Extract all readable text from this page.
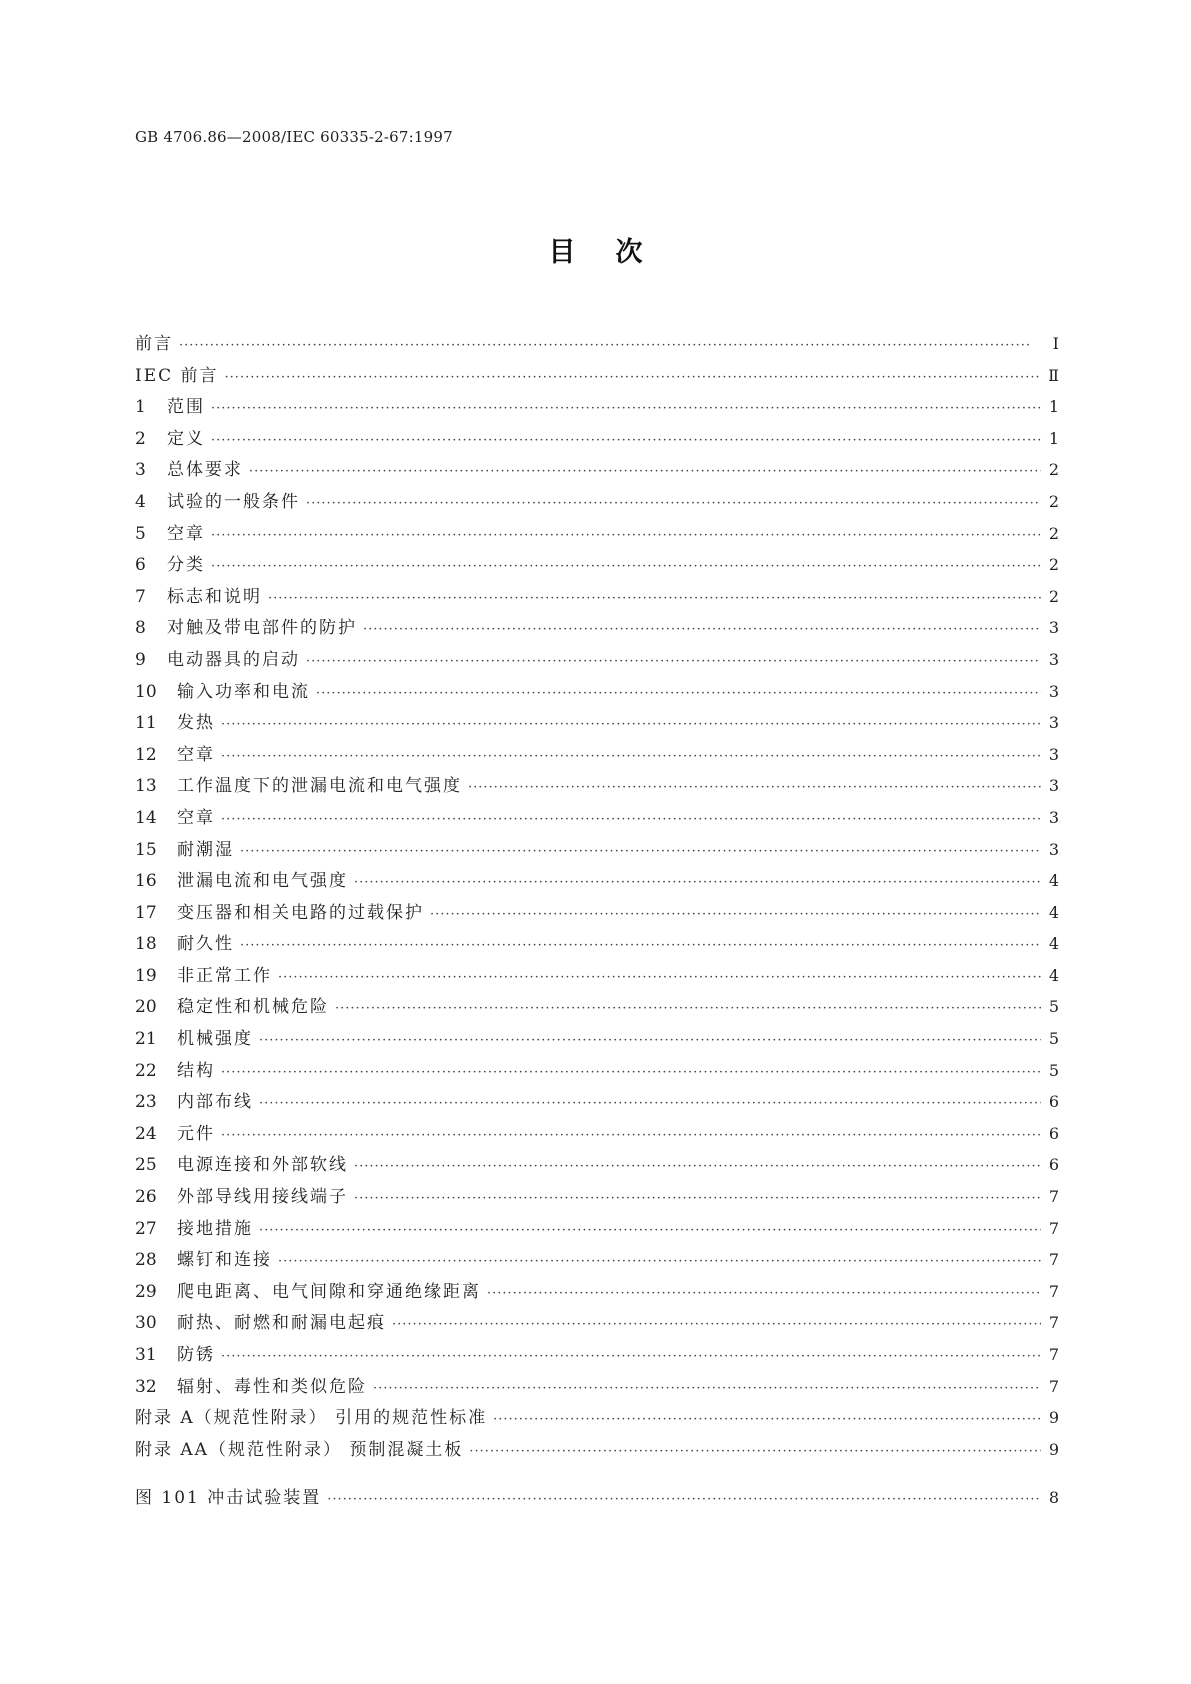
GB 4706.86—2008/IEC 60335-2-67:1997
目次
前言 ·····	Ⅰ
IEC 前言 ·····	Ⅱ
1	范围 ·····	1
2	定义 ·····	1
3	总体要求 ·····	2
4	试验的一般条件 ·····	2
5	空章 ·····	2
6	分类 ·····	2
7	标志和说明 ·····	2
8	对触及带电部件的防护 ·····	3
9	电动器具的启动 ·····	3
10	输入功率和电流 ·····	3
11	发热 ·····	3
12	空章 ·····	3
13	工作温度下的泄漏电流和电气强度 ·····	3
14	空章 ·····	3
15	耐潮湿 ·····	3
16	泄漏电流和电气强度 ·····	4
17	变压器和相关电路的过载保护 ·····	4
18	耐久性 ·····	4
19	非正常工作 ·····	4
20	稳定性和机械危险 ·····	5
21	机械强度 ·····	5
22	结构 ·····	5
23	内部布线 ·····	6
24	元件 ·····	6
25	电源连接和外部软线 ·····	6
26	外部导线用接线端子 ·····	7
27	接地措施 ·····	7
28	螺钉和连接 ·····	7
29	爬电距离、电气间隙和穿通绝缘距离 ·····	7
30	耐热、耐燃和耐漏电起痕 ·····	7
31	防锈 ·····	7
32	辐射、毒性和类似危险 ·····	7
附录 A（规范性附录） 引用的规范性标准 ·····	9
附录 AA（规范性附录） 预制混凝土板 ·····	9
图 101 冲击试验装置 ·····	8
